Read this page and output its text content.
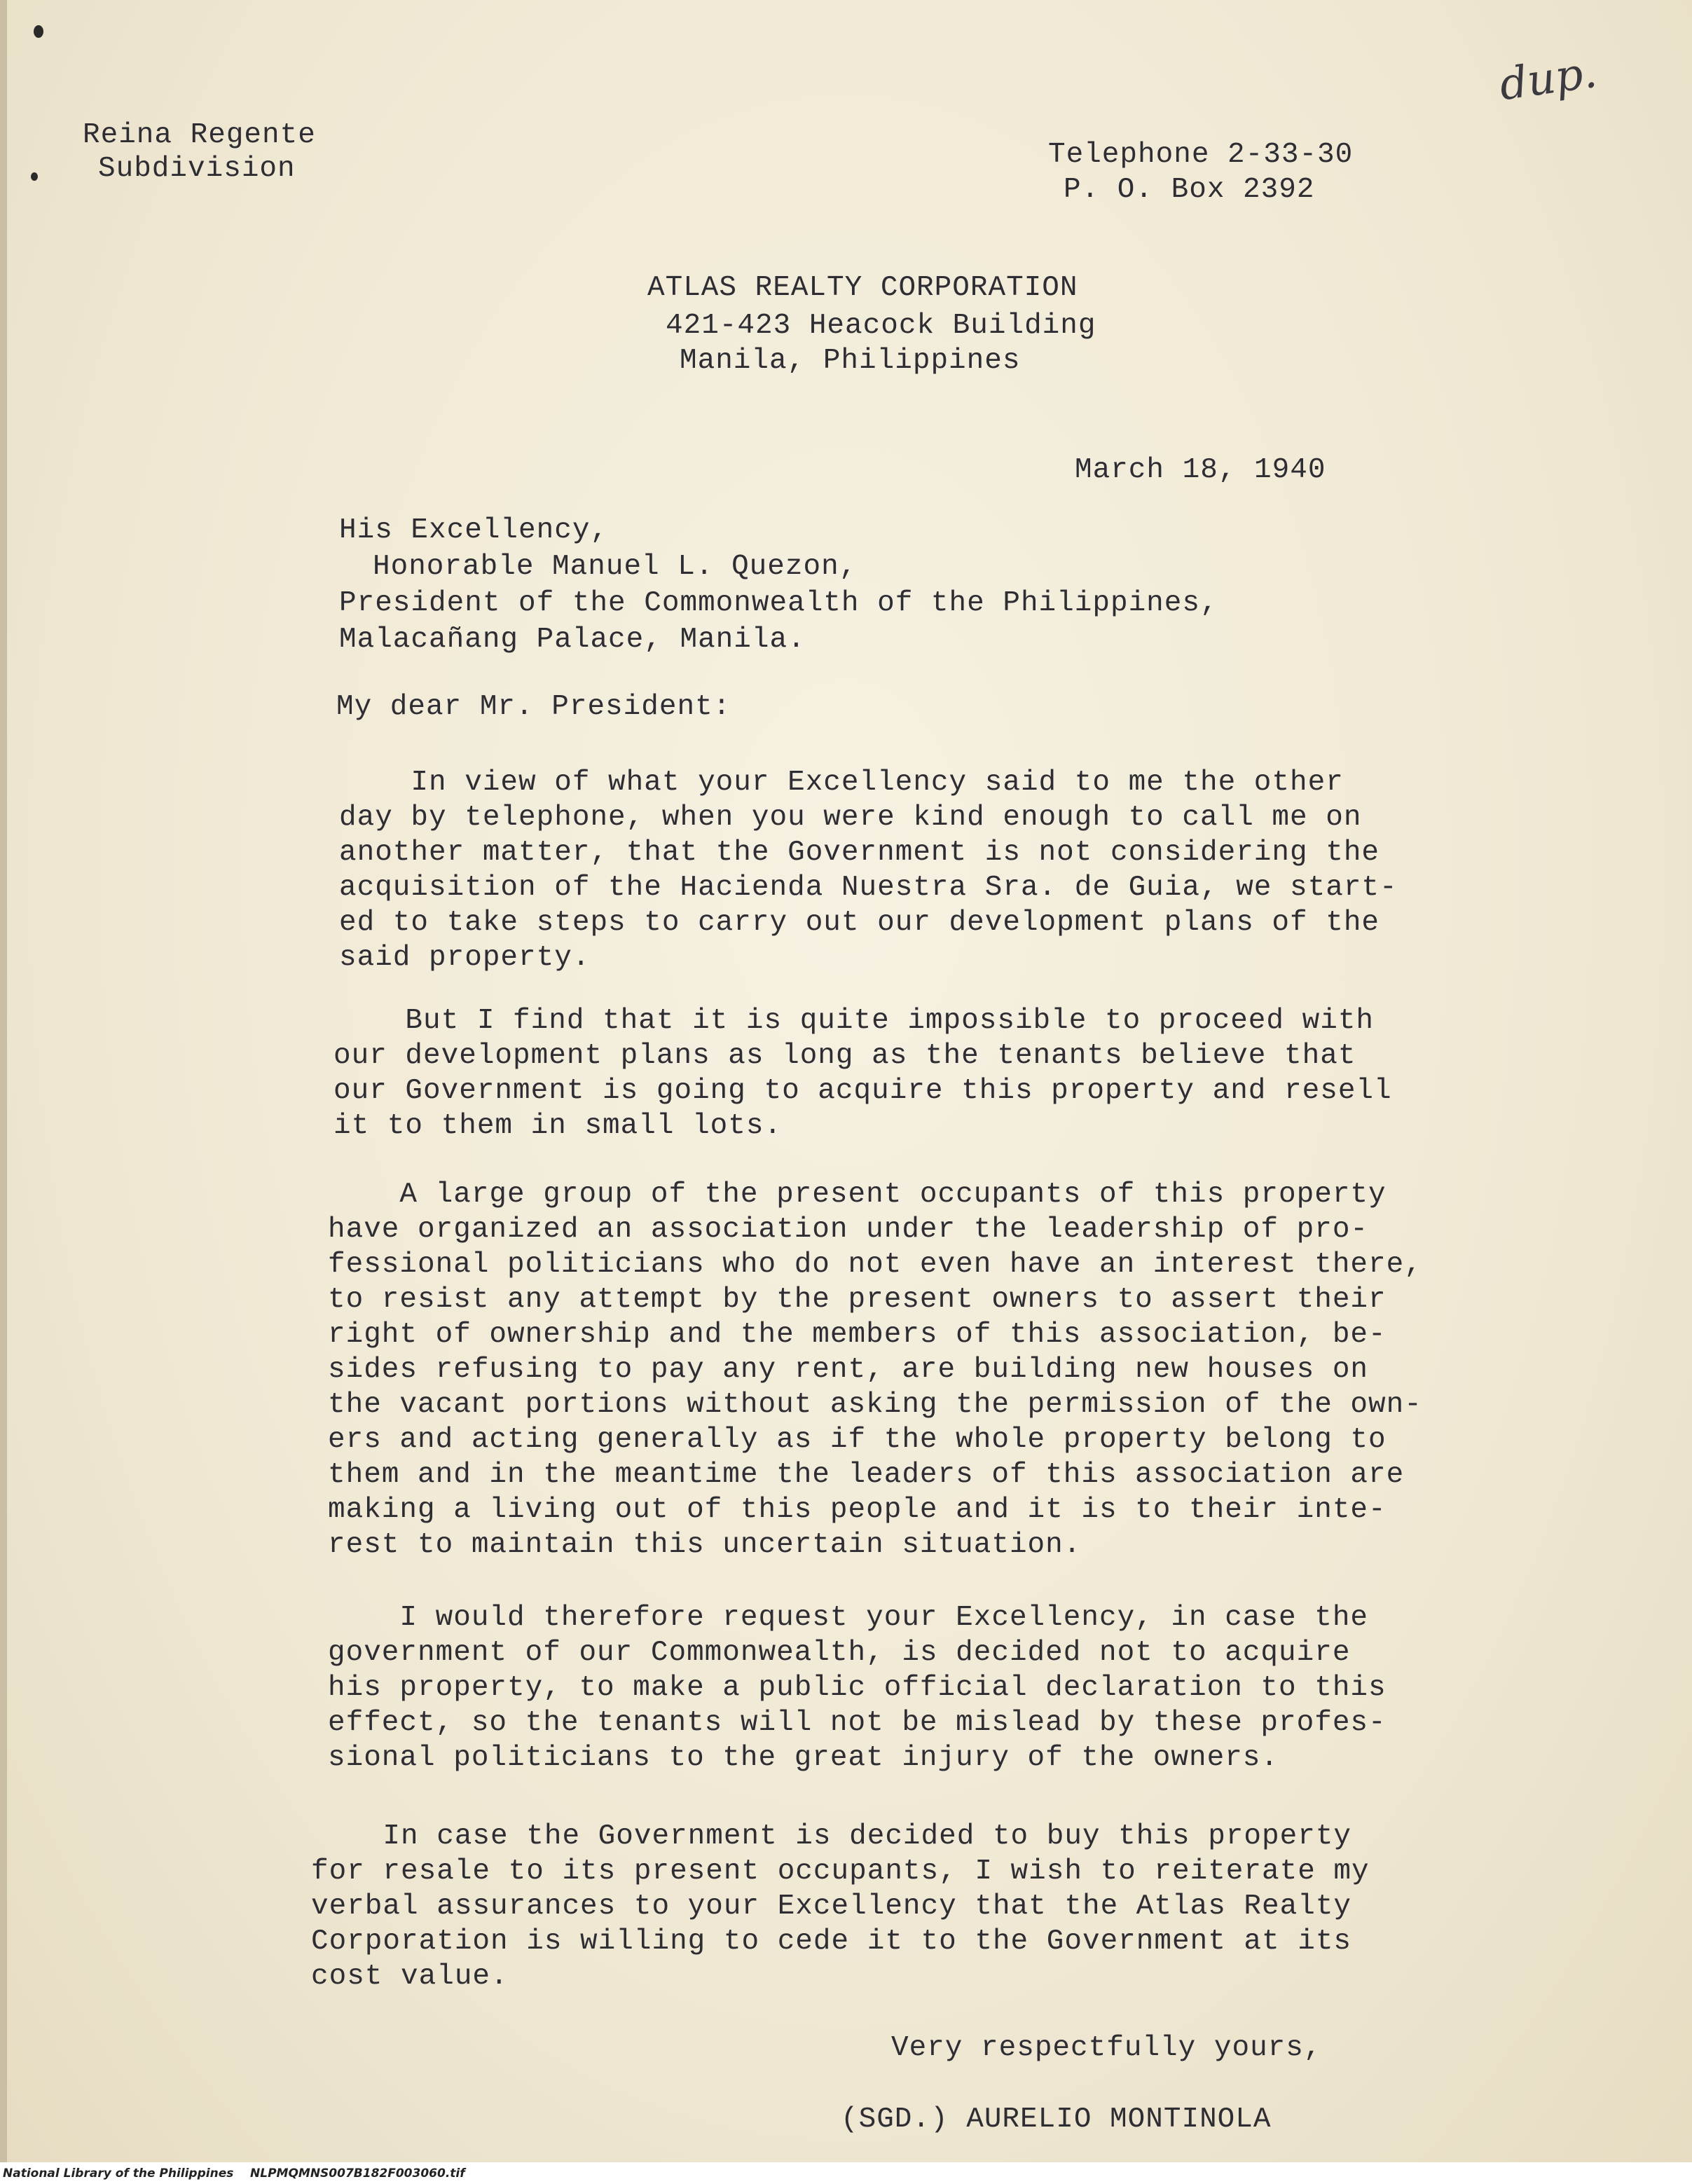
dup.
Reina Regente
Subdivision	Telephone 2-33-30
P. O. Box 2392
ATLAS REALTY CORPORATION
421-423 Heacock Building
Manila, Philippines
March 18, 1940
His Excellency,
Honorable Manuel L. Quezon,
President of the Commonwealth of the Philippines,
Malacañang Palace, Manila.
My dear Mr. President:
In view of what your Excellency said to me the other
day by telephone, when you were kind enough to call me on
another matter, that the Government is not considering the
acquisition of the Hacienda Nuestra Sra. de Guia, we start-
ed to take steps to carry out our development plans of the
said property.
But I find that it is quite impossible to proceed with
our development plans as long as the tenants believe that
our Government is going to acquire this property and resell
it to them in small lots.
A large group of the present occupants of this property
have organized an association under the leadership of pro-
fessional politicians who do not even have an interest there,
to resist any attempt by the present owners to assert their
right of ownership and the members of this association, be-
sides refusing to pay any rent, are building new houses on
the vacant portions without asking the permission of the own-
ers and acting generally as if the whole property belong to
them and in the meantime the leaders of this association are
making a living out of this people and it is to their inte-
rest to maintain this uncertain situation.
I would therefore request your Excellency, in case the
government of our Commonwealth, is decided not to acquire
his property, to make a public official declaration to this
effect, so the tenants will not be mislead by these profes-
sional politicians to the great injury of the owners.
In case the Government is decided to buy this property
for resale to its present occupants, I wish to reiterate my
verbal assurances to your Excellency that the Atlas Realty
Corporation is willing to cede it to the Government at its
cost value.
Very respectfully yours,
(SGD.) AURELIO MONTINOLA
National Library of the Philippines    NLPMQMNS007B182F003060.tif
